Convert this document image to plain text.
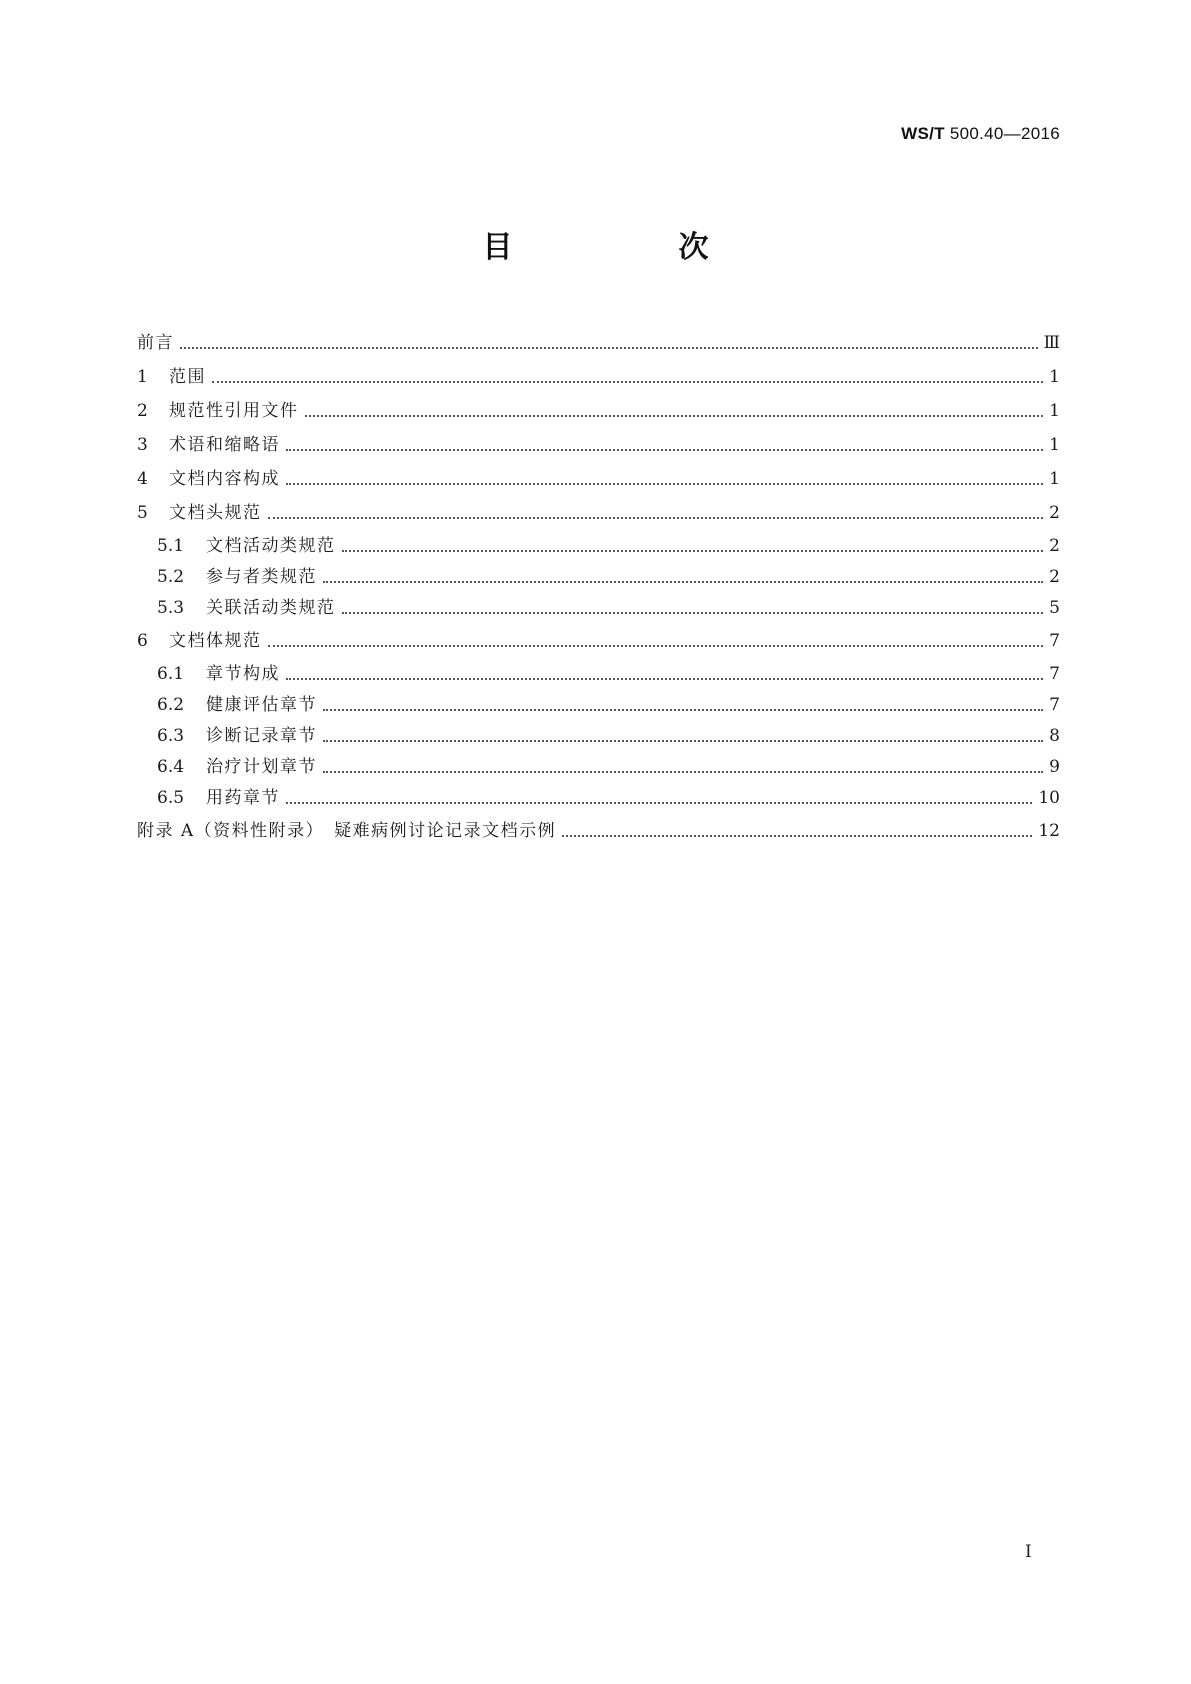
WS/T 500.40—2016
目　次
前言	Ⅲ
1	范围	1
2	规范性引用文件	1
3	术语和缩略语	1
4	文档内容构成	1
5	文档头规范	2
5.1	文档活动类规范	2
5.2	参与者类规范	2
5.3	关联活动类规范	5
6	文档体规范	7
6.1	章节构成	7
6.2	健康评估章节	7
6.3	诊断记录章节	8
6.4	治疗计划章节	9
6.5	用药章节	10
附录 A（资料性附录）　疑难病例讨论记录文档示例	12
Ⅰ
